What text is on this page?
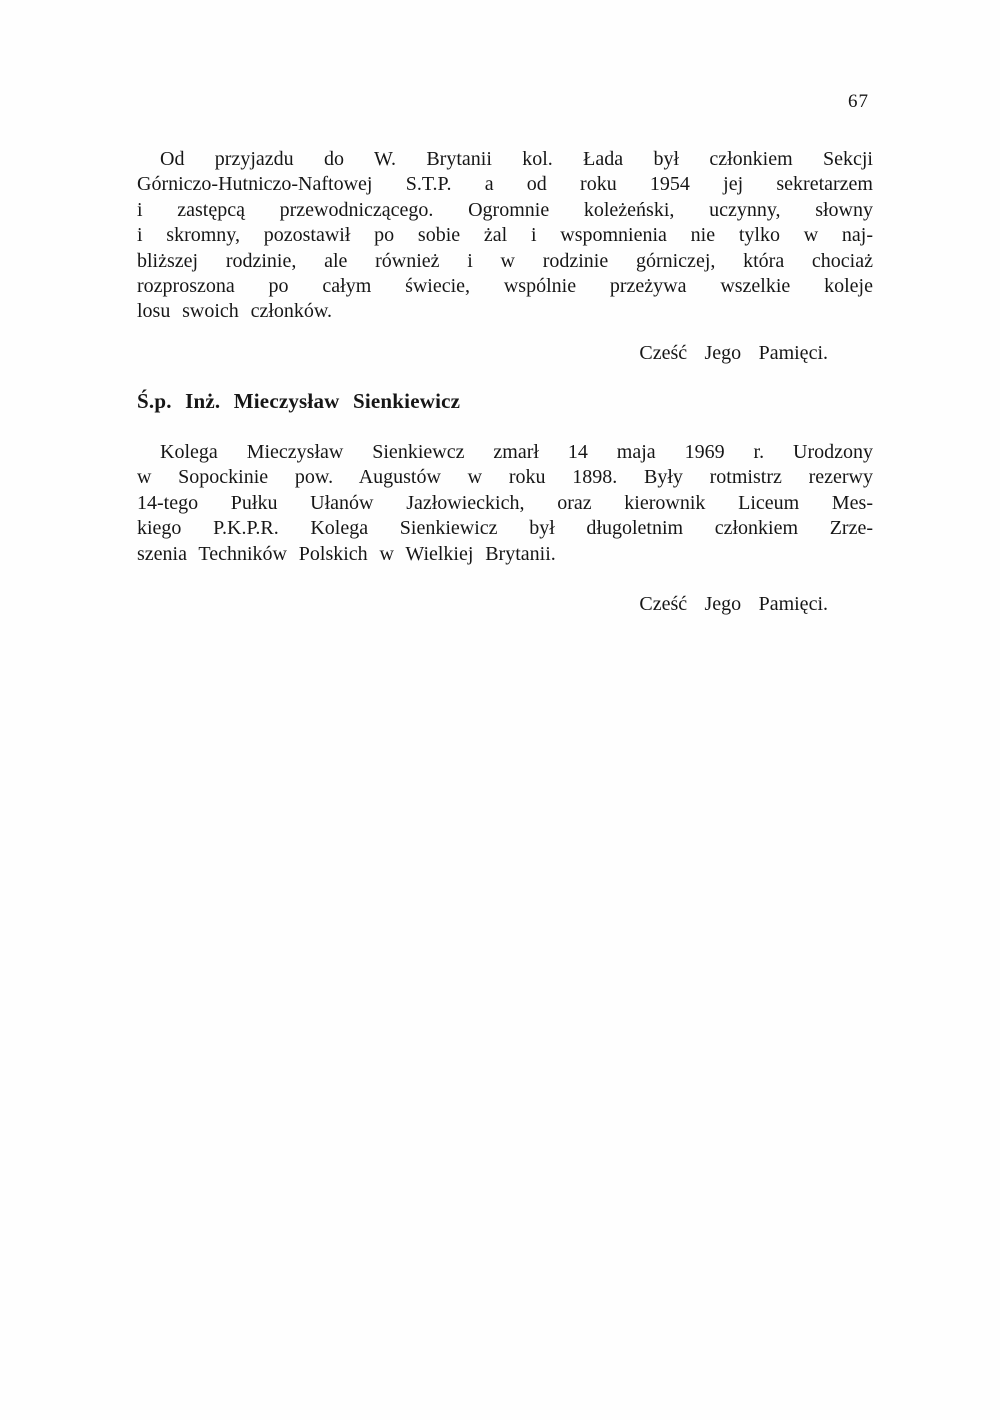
67
Od przyjazdu do W. Brytanii kol. Łada był członkiem Sekcji
Górniczo-Hutniczo-Naftowej S.T.P. a od roku 1954 jej sekretarzem
i zastępcą przewodniczącego. Ogromnie koleżeński, uczynny, słowny
i skromny, pozostawił po sobie żal i wspomnienia nie tylko w naj-
bliższej rodzinie, ale również i w rodzinie górniczej, która chociaż
rozproszona po całym świecie, wspólnie przeżywa wszelkie koleje
losu swoich członków.
Cześć Jego Pamięci.
Ś.p. Inż. Mieczysław Sienkiewicz
Kolega Mieczysław Sienkiewcz zmarł 14 maja 1969 r. Urodzony
w Sopockinie pow. Augustów w roku 1898. Były rotmistrz rezerwy
14-tego Pułku Ułanów Jazłowieckich, oraz kierownik Liceum Mes-
kiego P.K.P.R. Kolega Sienkiewicz był długoletnim członkiem Zrze-
szenia Techników Polskich w Wielkiej Brytanii.
Cześć Jego Pamięci.
